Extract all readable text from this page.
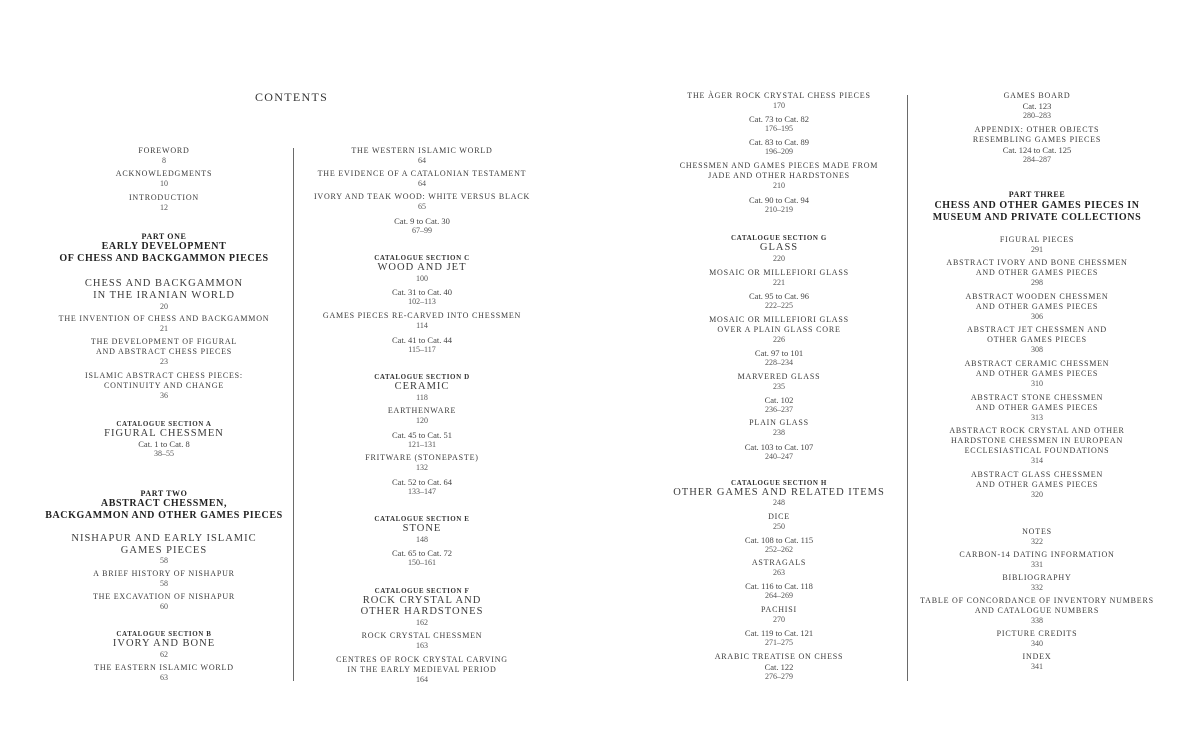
CONTENTS
FOREWORD
8
ACKNOWLEDGMENTS
10
INTRODUCTION
12
PART ONE
EARLY DEVELOPMENT
OF CHESS AND BACKGAMMON PIECES
CHESS AND BACKGAMMON
IN THE IRANIAN WORLD
20
THE INVENTION OF CHESS AND BACKGAMMON
21
THE DEVELOPMENT OF FIGURAL
AND ABSTRACT CHESS PIECES
23
ISLAMIC ABSTRACT CHESS PIECES:
CONTINUITY AND CHANGE
36
CATALOGUE SECTION A
FIGURAL CHESSMEN
Cat. 1 to Cat. 8
38–55
PART TWO
ABSTRACT CHESSMEN,
BACKGAMMON AND OTHER GAMES PIECES
NISHAPUR AND EARLY ISLAMIC
GAMES PIECES
58
A BRIEF HISTORY OF NISHAPUR
58
THE EXCAVATION OF NISHAPUR
60
CATALOGUE SECTION B
IVORY AND BONE
62
THE EASTERN ISLAMIC WORLD
63
THE WESTERN ISLAMIC WORLD
64
THE EVIDENCE OF A CATALONIAN TESTAMENT
64
IVORY AND TEAK WOOD: WHITE VERSUS BLACK
65
Cat. 9 to Cat. 30
67–99
CATALOGUE SECTION C
WOOD AND JET
100
Cat. 31 to Cat. 40
102–113
GAMES PIECES RE-CARVED INTO CHESSMEN
114
Cat. 41 to Cat. 44
115–117
CATALOGUE SECTION D
CERAMIC
118
EARTHENWARE
120
Cat. 45 to Cat. 51
121–131
FRITWARE (STONEPASTE)
132
Cat. 52 to Cat. 64
133–147
CATALOGUE SECTION E
STONE
148
Cat. 65 to Cat. 72
150–161
CATALOGUE SECTION F
ROCK CRYSTAL AND
OTHER HARDSTONES
162
ROCK CRYSTAL CHESSMEN
163
CENTRES OF ROCK CRYSTAL CARVING
IN THE EARLY MEDIEVAL PERIOD
164
THE ÀGER ROCK CRYSTAL CHESS PIECES
170
Cat. 73 to Cat. 82
176–195
Cat. 83 to Cat. 89
196–209
CHESSMEN AND GAMES PIECES MADE FROM
JADE AND OTHER HARDSTONES
210
Cat. 90 to Cat. 94
210–219
CATALOGUE SECTION G
GLASS
220
MOSAIC OR MILLEFIORI GLASS
221
Cat. 95 to Cat. 96
222–225
MOSAIC OR MILLEFIORI GLASS
OVER A PLAIN GLASS CORE
226
Cat. 97 to 101
228–234
MARVERED GLASS
235
Cat. 102
236–237
PLAIN GLASS
238
Cat. 103 to Cat. 107
240–247
CATALOGUE SECTION H
OTHER GAMES AND RELATED ITEMS
248
DICE
250
Cat. 108 to Cat. 115
252–262
ASTRAGALS
263
Cat. 116 to Cat. 118
264–269
PACHISI
270
Cat. 119 to Cat. 121
271–275
ARABIC TREATISE ON CHESS
Cat. 122
276–279
GAMES BOARD
Cat. 123
280–283
APPENDIX: OTHER OBJECTS
RESEMBLING GAMES PIECES
Cat. 124 to Cat. 125
284–287
PART THREE
CHESS AND OTHER GAMES PIECES IN
MUSEUM AND PRIVATE COLLECTIONS
FIGURAL PIECES
291
ABSTRACT IVORY AND BONE CHESSMEN
AND OTHER GAMES PIECES
298
ABSTRACT WOODEN CHESSMEN
AND OTHER GAMES PIECES
306
ABSTRACT JET CHESSMEN AND
OTHER GAMES PIECES
308
ABSTRACT CERAMIC CHESSMEN
AND OTHER GAMES PIECES
310
ABSTRACT STONE CHESSMEN
AND OTHER GAMES PIECES
313
ABSTRACT ROCK CRYSTAL AND OTHER
HARDSTONE CHESSMEN IN EUROPEAN
ECCLESIASTICAL FOUNDATIONS
314
ABSTRACT GLASS CHESSMEN
AND OTHER GAMES PIECES
320
NOTES
322
CARBON-14 DATING INFORMATION
331
BIBLIOGRAPHY
332
TABLE OF CONCORDANCE OF INVENTORY NUMBERS
AND CATALOGUE NUMBERS
338
PICTURE CREDITS
340
INDEX
341
